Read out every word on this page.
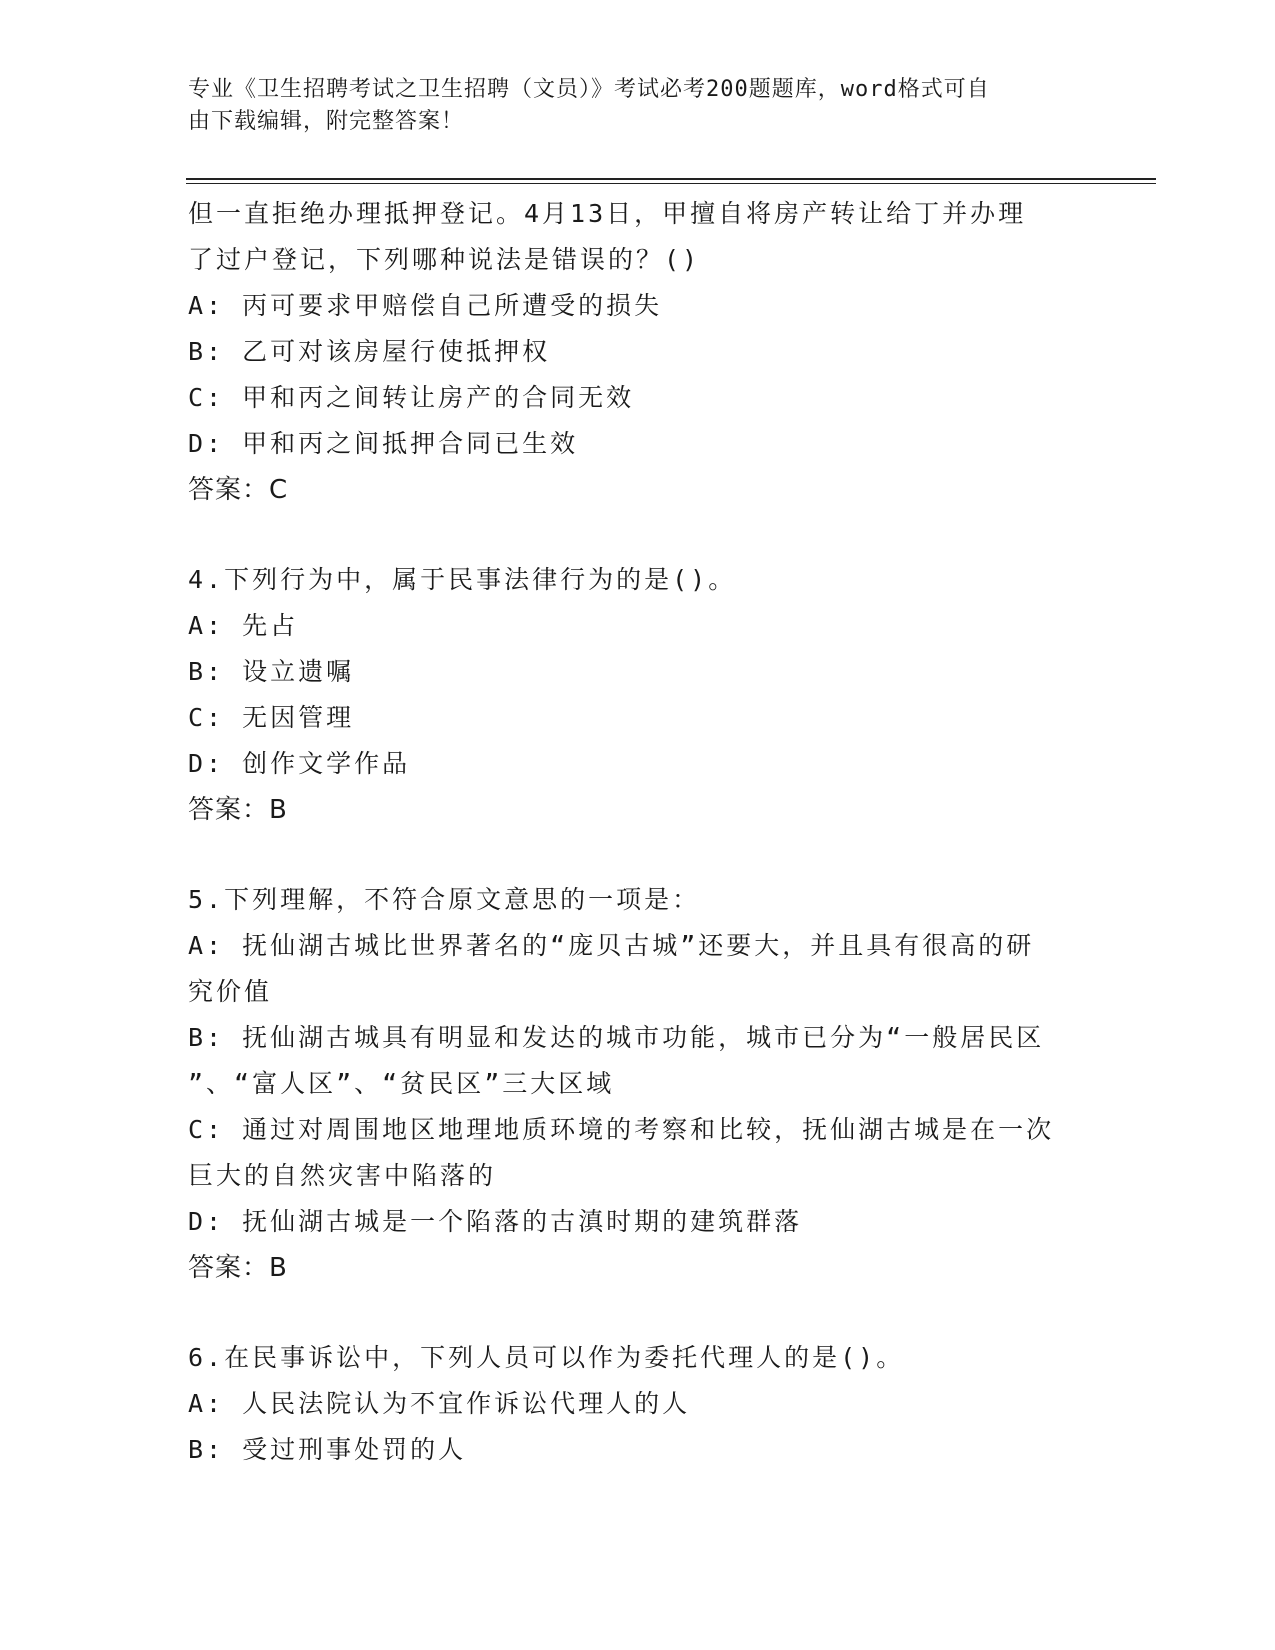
专业《卫生招聘考试之卫生招聘（文员）》考试必考200题题库，word格式可自
由下载编辑，附完整答案！
但一直拒绝办理抵押登记。4月13日，甲擅自将房产转让给丁并办理
了过户登记，下列哪种说法是错误的？()
A: 丙可要求甲赔偿自己所遭受的损失
B: 乙可对该房屋行使抵押权
C: 甲和丙之间转让房产的合同无效
D: 甲和丙之间抵押合同已生效
答案：C
4.下列行为中，属于民事法律行为的是()。
A: 先占
B: 设立遗嘱
C: 无因管理
D: 创作文学作品
答案：B
5.下列理解，不符合原文意思的一项是：
A: 抚仙湖古城比世界著名的“庞贝古城”还要大，并且具有很高的研
究价值
B: 抚仙湖古城具有明显和发达的城市功能，城市已分为“一般居民区
”、“富人区”、“贫民区”三大区域
C: 通过对周围地区地理地质环境的考察和比较，抚仙湖古城是在一次
巨大的自然灾害中陷落的
D: 抚仙湖古城是一个陷落的古滇时期的建筑群落
答案：B
6.在民事诉讼中，下列人员可以作为委托代理人的是()。
A: 人民法院认为不宜作诉讼代理人的人
B: 受过刑事处罚的人
